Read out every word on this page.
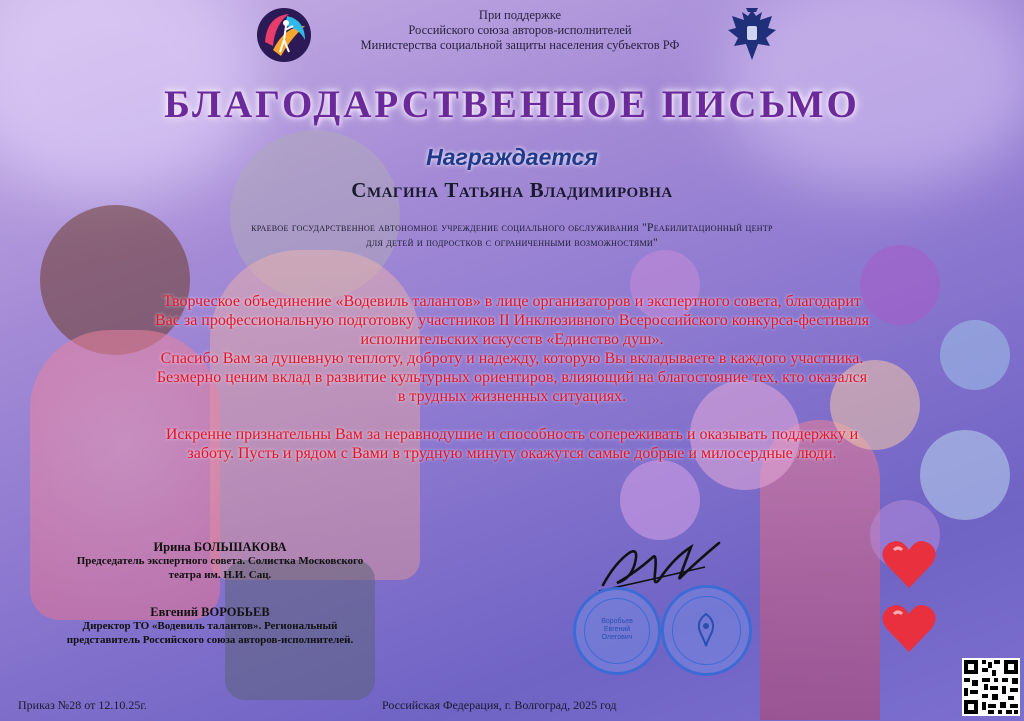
При поддержке
Российского союза авторов-исполнителей
Министерства социальной защиты населения субъектов РФ
БЛАГОДАРСТВЕННОЕ ПИСЬМО
Награждается
Смагина Татьяна Владимировна
краевое государственное автономное учреждение социального обслуживания "Реабилитационный центр
для детей и подростков с ограниченными возможностями"

Творческое объединение «Водевиль талантов» в лице организаторов и экспертного совета, благодарит

Вас за профессиональную подготовку участников II Инклюзивного Всероссийского конкурса-фестиваля

исполнительских искусств «Единство душ».

Спасибо Вам за душевную теплоту, доброту и надежду, которую Вы вкладываете в каждого участника.

Безмерно ценим вклад в развитие культурных ориентиров, влияющий на благостояние тех, кто оказался

в трудных жизненных ситуациях.

Искренне признательны Вам за неравнодушие и способность сопереживать и оказывать поддержку и

заботу. Пусть и рядом с Вами в трудную минуту окажутся самые добрые и милосердные люди.

Ирина БОЛЬШАКОВА
Председатель экспертного совета. Солистка Московского
театра им. Н.И. Сац.
Евгений ВОРОБЬЕВ
Директор ТО «Водевиль талантов». Региональный
представитель Российского союза авторов-исполнителей.
Воробьев
Евгений
Олегович
Приказ №28 от 12.10.25г.	Российская Федерация, г. Волгоград, 2025 год
